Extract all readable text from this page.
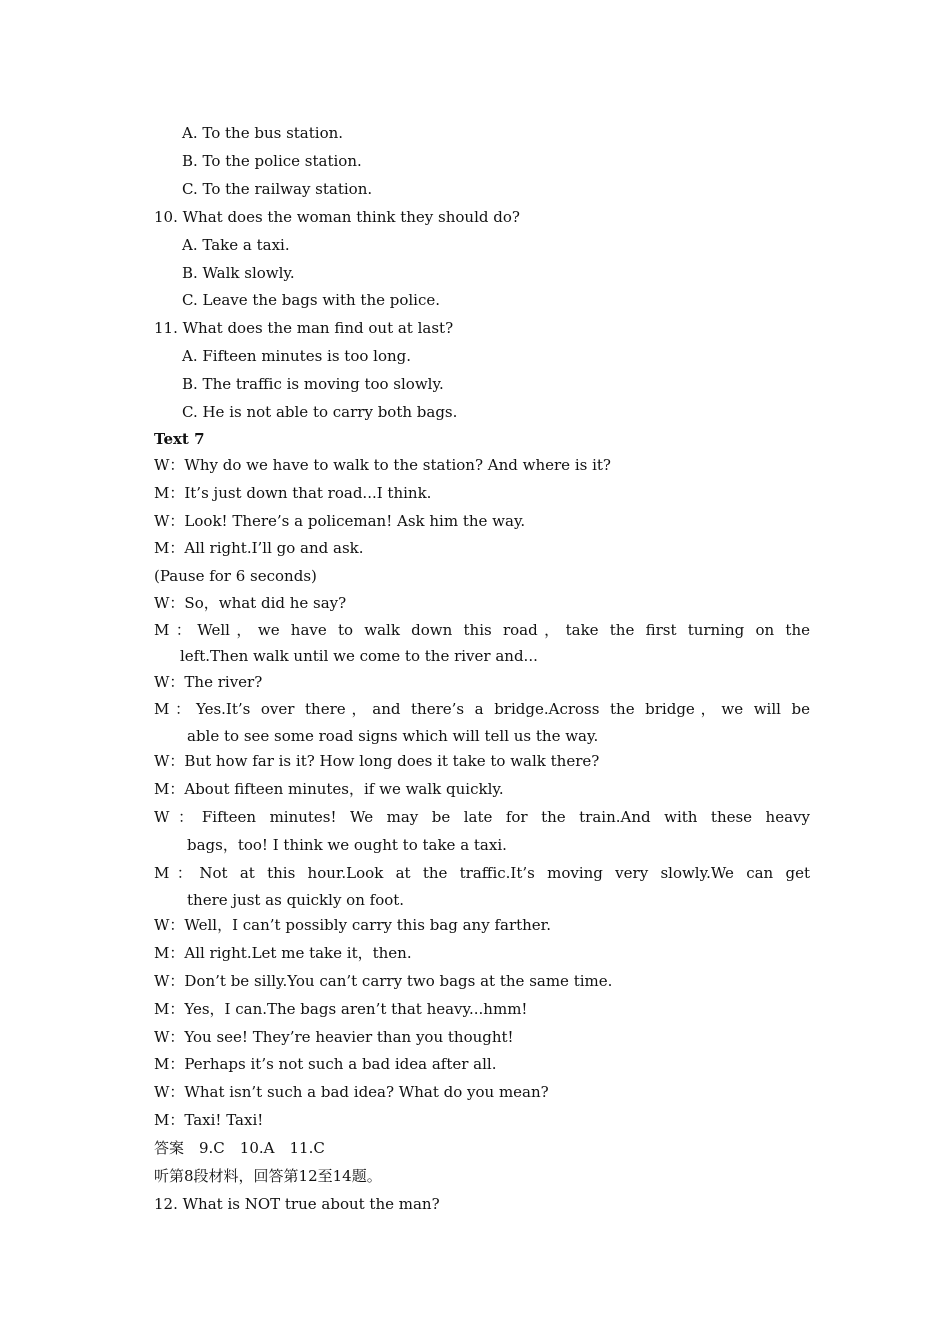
A. To the bus station.
B. To the police station.
C. To the railway station.
10. What does the woman think they should do?
A. Take a taxi.
B. Walk slowly.
C. Leave the bags with the police.
11. What does the man find out at last?
A. Fifteen minutes is too long.
B. The traffic is moving too slowly.
C. He is not able to carry both bags.
Text 7
W：Why do we have to walk to the station? And where is it?
M：It’s just down that road...I think.
W：Look! There’s a policeman! Ask him the way.
M：All right.I’ll go and ask.
(Pause for 6 seconds)
W：So，what did he say?
M：Well，we have to walk down this road，take the first turning on the
left.Then walk until we come to the river and...
W：The river?
M：Yes.It’s over there，and there’s a bridge.Across the bridge，we will be
able to see some road signs which will tell us the way.
W：But how far is it? How long does it take to walk there?
M：About fifteen minutes，if we walk quickly.
W：Fifteen minutes! We may be late for the train.And with these heavy
bags，too! I think we ought to take a taxi.
M：Not at this hour.Look at the traffic.It’s moving very slowly.We can get
there just as quickly on foot.
W：Well，I can’t possibly carry this bag any farther.
M：All right.Let me take it，then.
W：Don’t be silly.You can’t carry two bags at the same time.
M：Yes，I can.The bags aren’t that heavy...hmm!
W：You see! They’re heavier than you thought!
M：Perhaps it’s not such a bad idea after all.
W：What isn’t such a bad idea? What do you mean?
M：Taxi! Taxi!
答案　9.C　10.A　11.C
听第8段材料，回答第12至14题。
12. What is NOT true about the man?
